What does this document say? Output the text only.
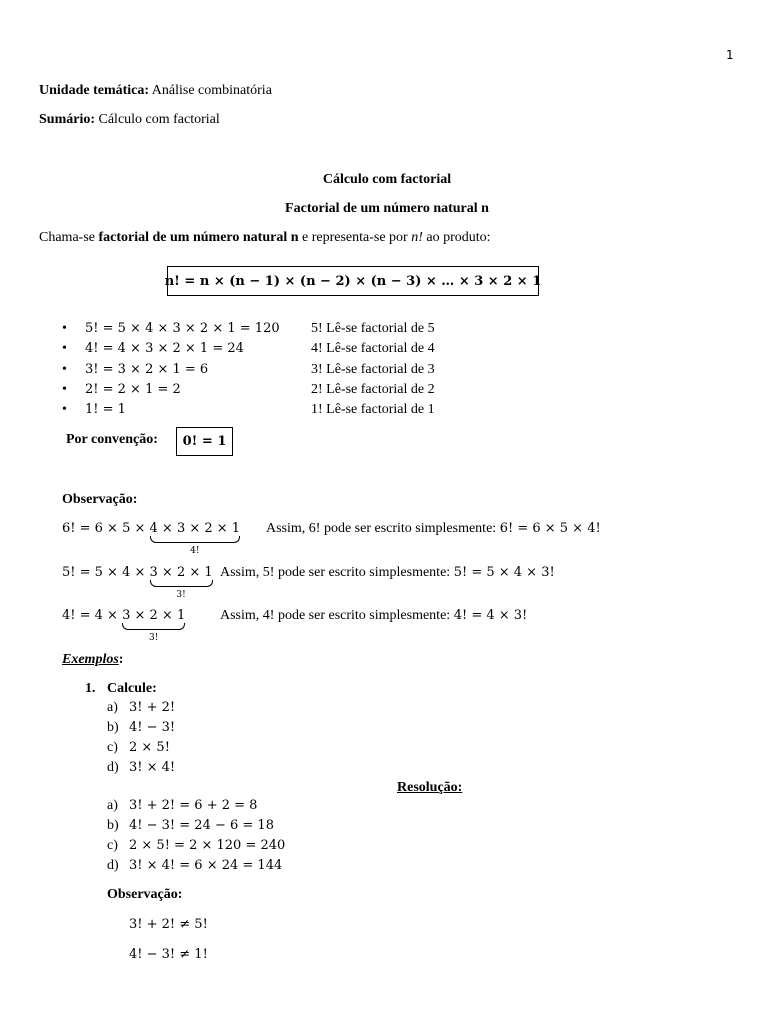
1
Unidade temática: Análise combinatória
Sumário: Cálculo com factorial
Cálculo com factorial
Factorial de um número natural n
Chama-se factorial de um número natural n e representa-se por n! ao produto:
n! = n × (n − 1) × (n − 2) × (n − 3) × … × 3 × 2 × 1
• 5! = 5 × 4 × 3 × 2 × 1 = 120 5! Lê-se factorial de 5
• 4! = 4 × 3 × 2 × 1 = 24	4! Lê-se factorial de 4
• 3! = 3 × 2 × 1 = 6	3! Lê-se factorial de 3
• 2! = 2 × 1 = 2	2! Lê-se factorial de 2
• 1! = 1	1! Lê-se factorial de 1
Por convenção:	0! = 1
Observação:
6! = 6 × 5 × 4 × 3 × 2 × 1
4!
Assim, 6! pode ser escrito simplesmente: 6! = 6 × 5 × 4!
5! = 5 × 4 × 3 × 2 × 1
3!
Assim, 5! pode ser escrito simplesmente: 5! = 5 × 4 × 3!
4! = 4 × 3 × 2 × 1
3!
Assim, 4! pode ser escrito simplesmente: 4! = 4 × 3!
Exemplos:
1. Calcule:
a) 3! + 2!
b) 4! − 3!
c) 2 × 5!
d) 3! × 4!
Resolução:
a) 3! + 2! = 6 + 2 = 8
b) 4! − 3! = 24 − 6 = 18
c) 2 × 5! = 2 × 120 = 240
d) 3! × 4! = 6 × 24 = 144
Observação:
3! + 2! ≠ 5!
4! − 3! ≠ 1!
